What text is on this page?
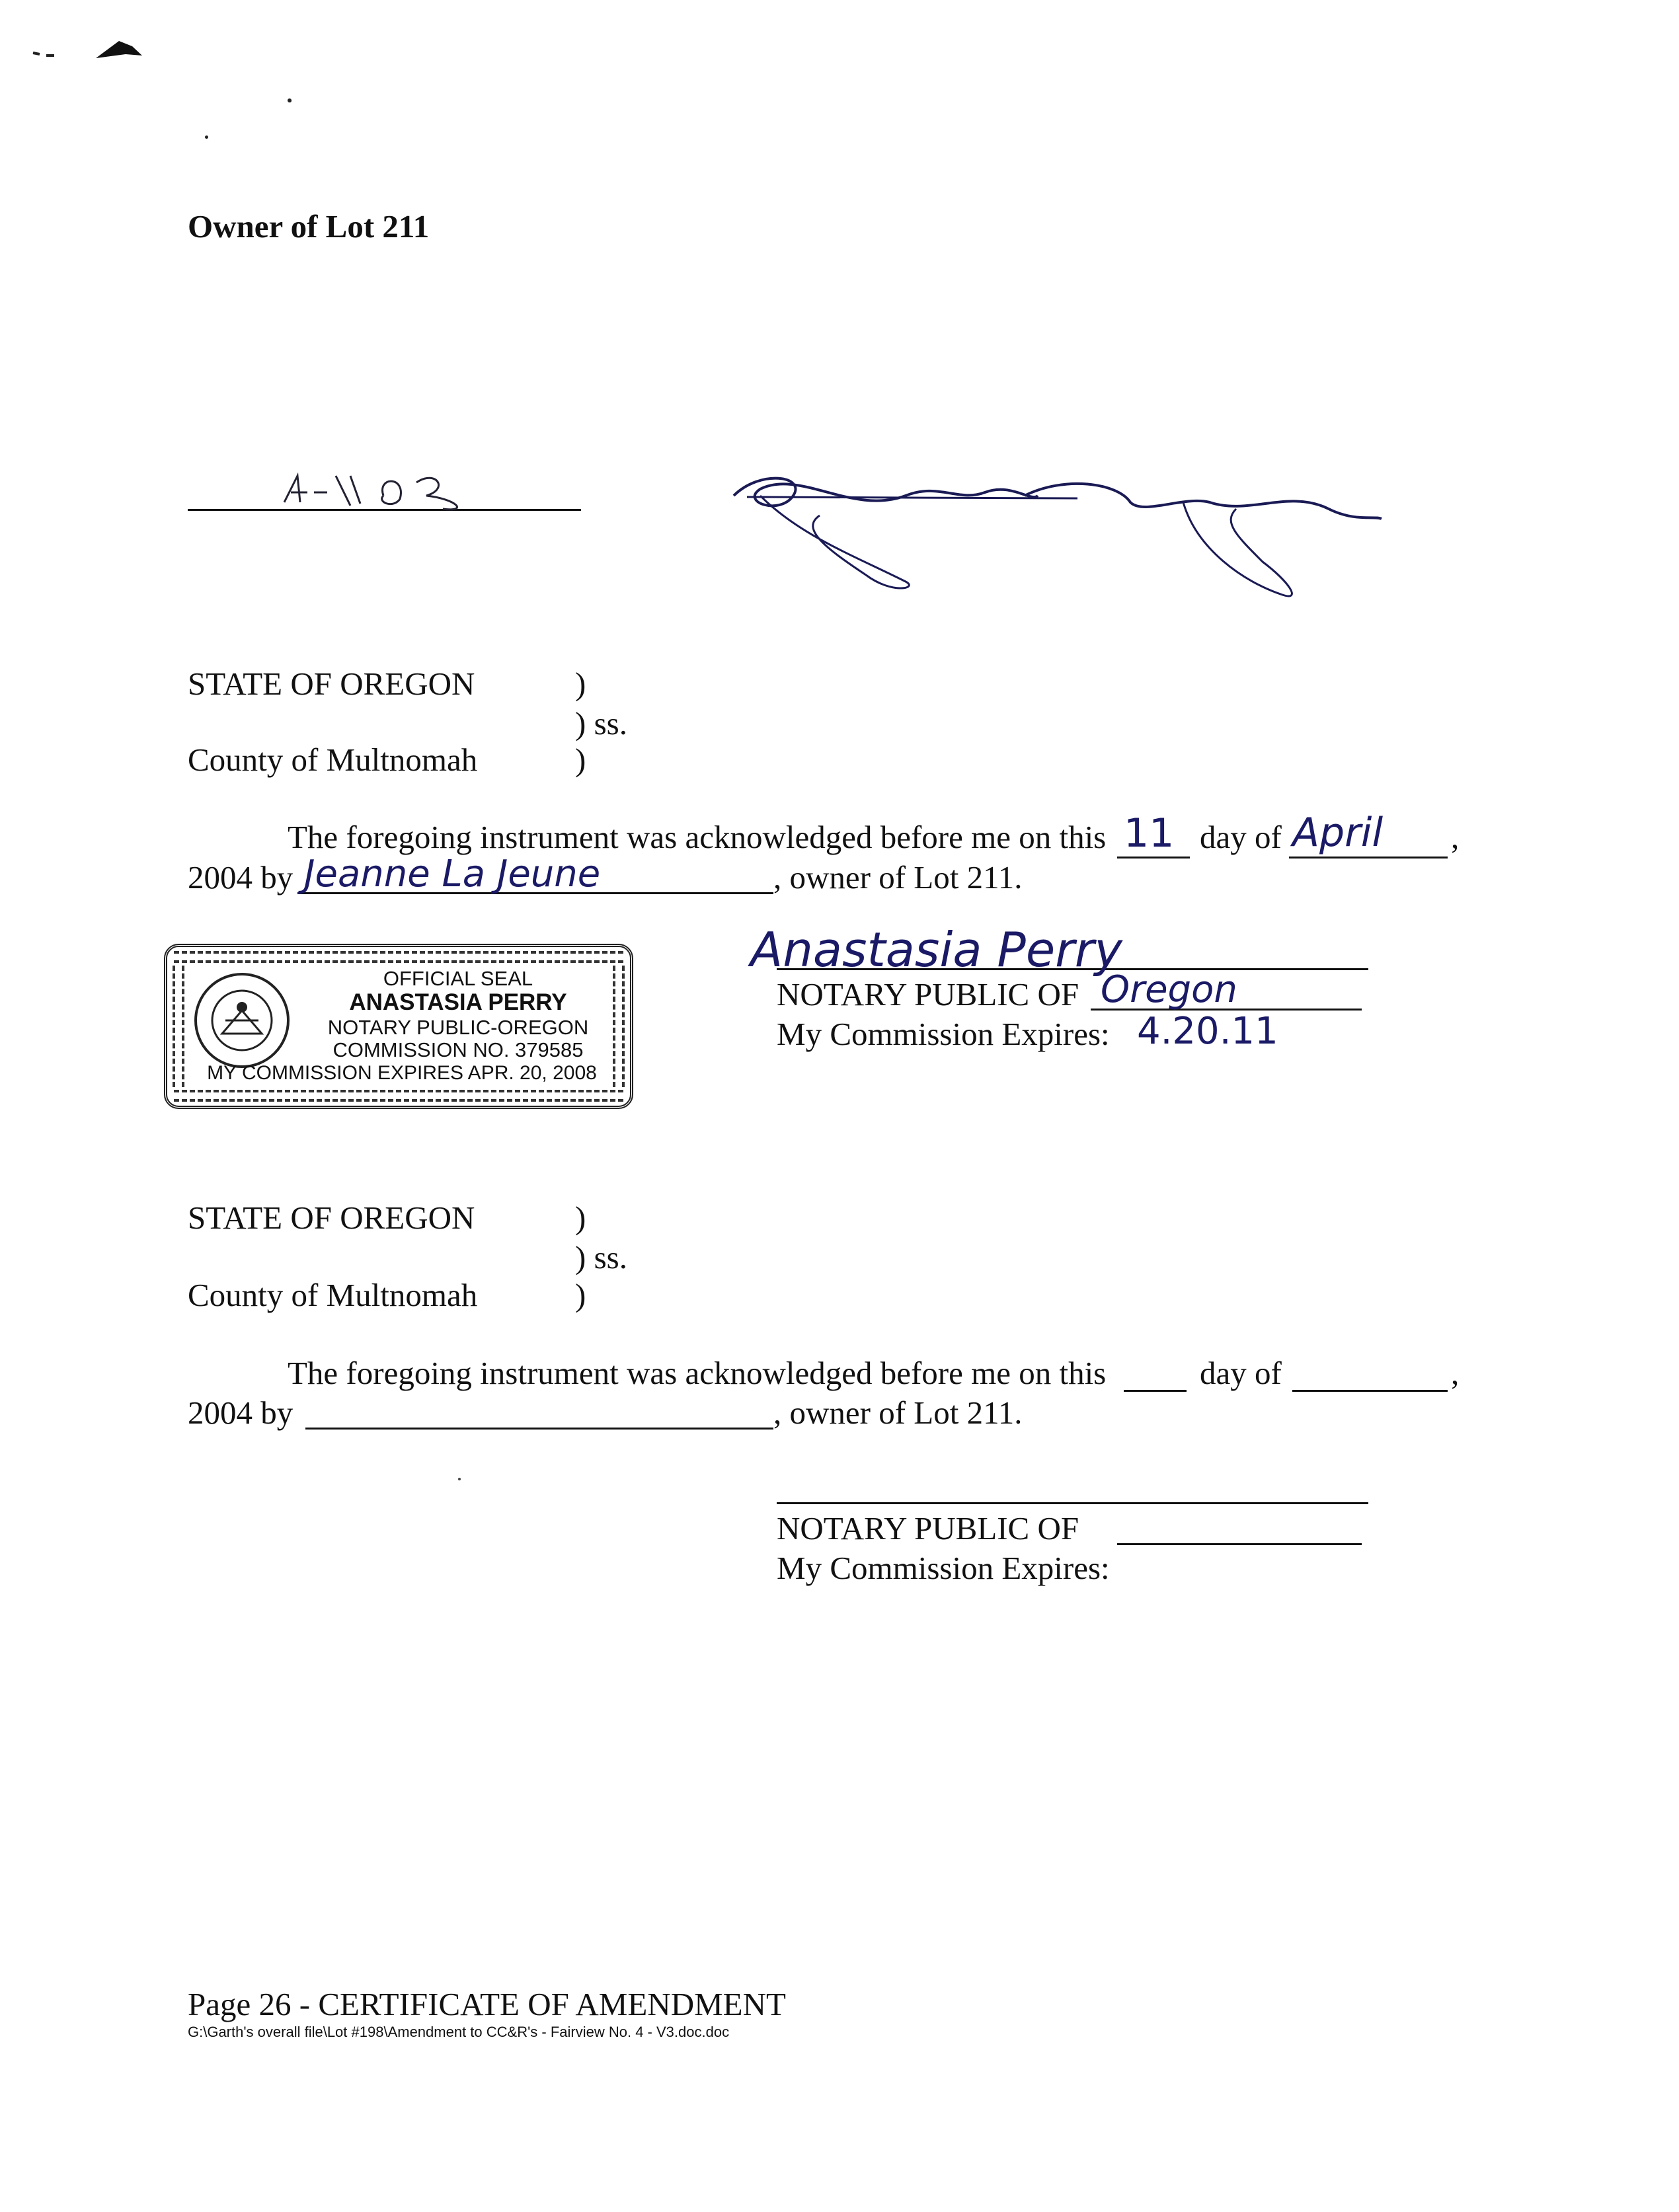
Owner of Lot 211
STATE OF OREGON	)
) ss.
County of Multnomah	)
The foregoing instrument was acknowledged before me on this 11 day of April ,
2004 by Jeanne La Jeune	, owner of Lot 211.
Anastasia Perry
NOTARY PUBLIC OF Oregon
My Commission Expires: 4.20.11
OFFICIAL SEAL
ANASTASIA PERRY
NOTARY PUBLIC-OREGON
COMMISSION NO. 379585
MY COMMISSION EXPIRES APR. 20, 2008
STATE OF OREGON	)
) ss.
County of Multnomah	)
The foregoing instrument was acknowledged before me on this	day of	,
2004 by	, owner of Lot 211.
NOTARY PUBLIC OF
My Commission Expires:
Page 26 - CERTIFICATE OF AMENDMENT
G:\Garth's overall file\Lot #198\Amendment to CC&R's - Fairview No. 4 - V3.doc.doc
